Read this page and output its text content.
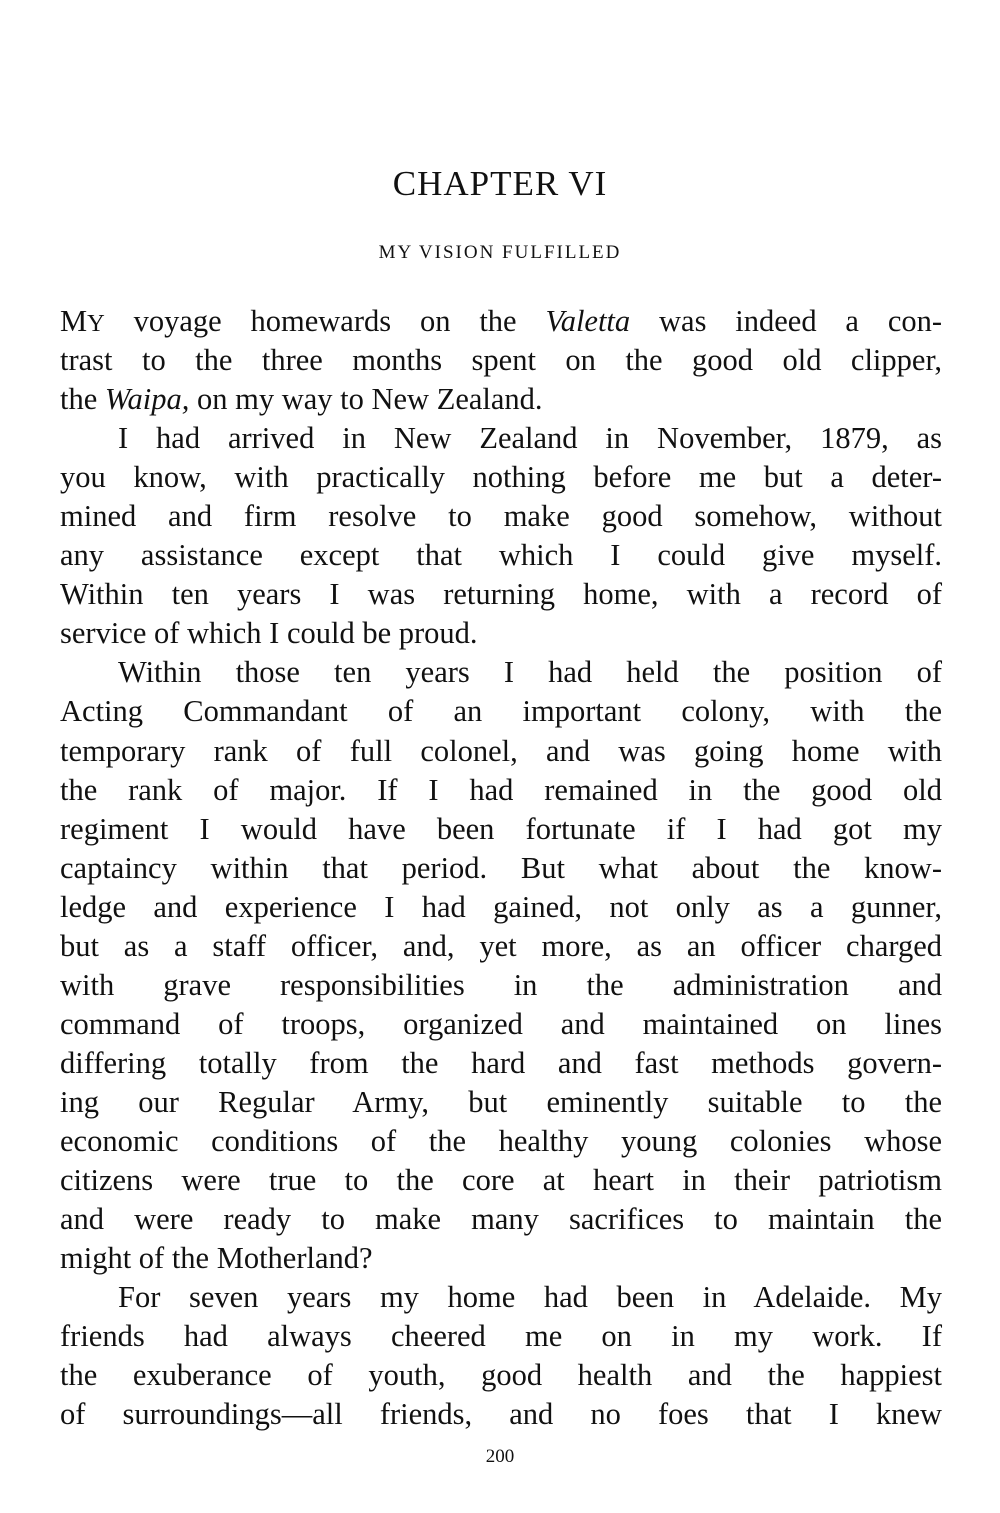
CHAPTER VI
MY VISION FULFILLED
MY voyage homewards on the Valetta was indeed a con-
trast to the three months spent on the good old clipper,
the Waipa, on my way to New Zealand.
I had arrived in New Zealand in November, 1879, as
you know, with practically nothing before me but a deter-
mined and firm resolve to make good somehow, without
any assistance except that which I could give myself.
Within ten years I was returning home, with a record of
service of which I could be proud.
Within those ten years I had held the position of
Acting Commandant of an important colony, with the
temporary rank of full colonel, and was going home with
the rank of major. If I had remained in the good old
regiment I would have been fortunate if I had got my
captaincy within that period. But what about the know-
ledge and experience I had gained, not only as a gunner,
but as a staff officer, and, yet more, as an officer charged
with grave responsibilities in the administration and
command of troops, organized and maintained on lines
differing totally from the hard and fast methods govern-
ing our Regular Army, but eminently suitable to the
economic conditions of the healthy young colonies whose
citizens were true to the core at heart in their patriotism
and were ready to make many sacrifices to maintain the
might of the Motherland?
For seven years my home had been in Adelaide. My
friends had always cheered me on in my work. If
the exuberance of youth, good health and the happiest
of surroundings—all friends, and no foes that I knew
200
